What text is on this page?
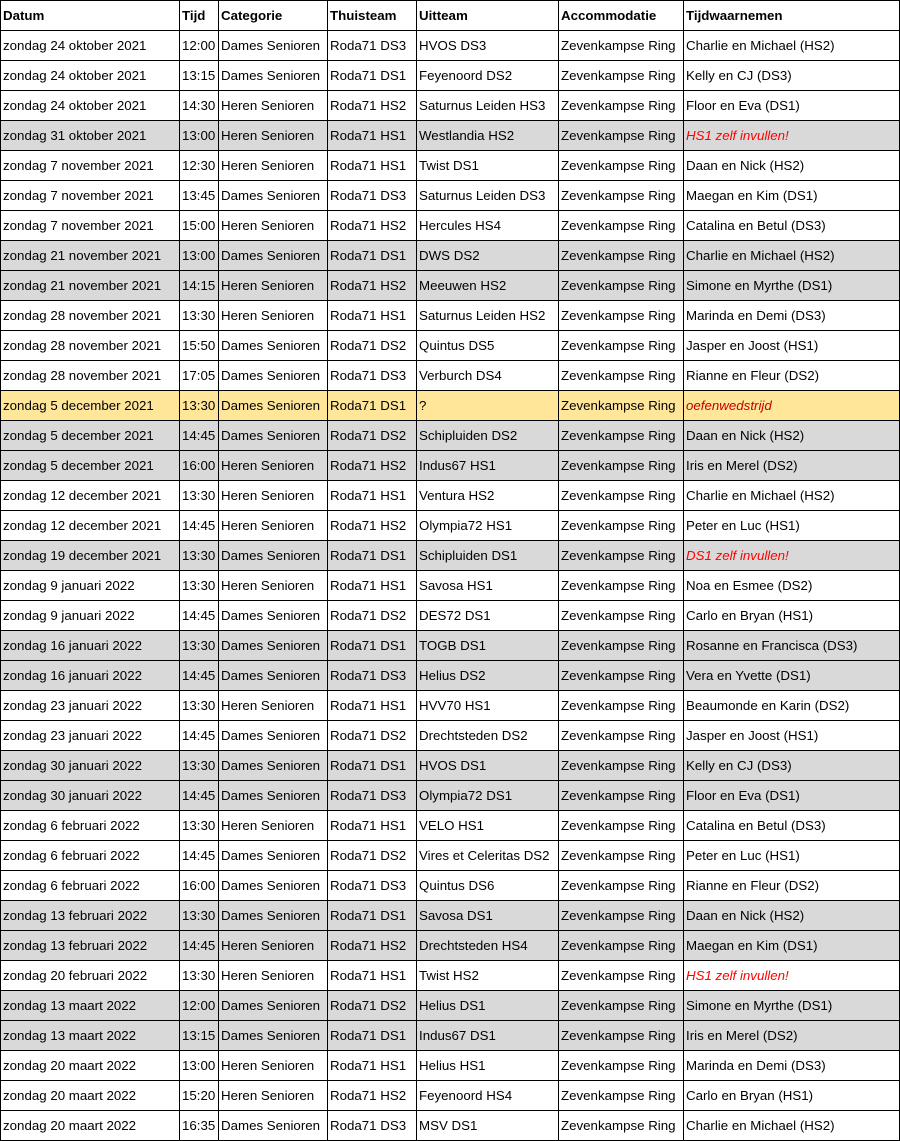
Datum	Tijd	Categorie	Thuisteam	Uitteam	Accommodatie	Tijdwaarnemen
zondag 24 oktober 2021	12:00	Dames Senioren	Roda71 DS3	HVOS DS3	Zevenkampse Ring	Charlie en Michael (HS2)
zondag 24 oktober 2021	13:15	Dames Senioren	Roda71 DS1	Feyenoord DS2	Zevenkampse Ring	Kelly en CJ (DS3)
zondag 24 oktober 2021	14:30	Heren Senioren	Roda71 HS2	Saturnus Leiden HS3	Zevenkampse Ring	Floor en Eva (DS1)
zondag 31 oktober 2021	13:00	Heren Senioren	Roda71 HS1	Westlandia HS2	Zevenkampse Ring	HS1 zelf invullen!
zondag 7 november 2021	12:30	Heren Senioren	Roda71 HS1	Twist DS1	Zevenkampse Ring	Daan en Nick (HS2)
zondag 7 november 2021	13:45	Dames Senioren	Roda71 DS3	Saturnus Leiden DS3	Zevenkampse Ring	Maegan en Kim (DS1)
zondag 7 november 2021	15:00	Heren Senioren	Roda71 HS2	Hercules HS4	Zevenkampse Ring	Catalina en Betul (DS3)
zondag 21 november 2021	13:00	Dames Senioren	Roda71 DS1	DWS DS2	Zevenkampse Ring	Charlie en Michael (HS2)
zondag 21 november 2021	14:15	Heren Senioren	Roda71 HS2	Meeuwen HS2	Zevenkampse Ring	Simone en Myrthe (DS1)
zondag 28 november 2021	13:30	Heren Senioren	Roda71 HS1	Saturnus Leiden HS2	Zevenkampse Ring	Marinda en Demi (DS3)
zondag 28 november 2021	15:50	Dames Senioren	Roda71 DS2	Quintus DS5	Zevenkampse Ring	Jasper en Joost (HS1)
zondag 28 november 2021	17:05	Dames Senioren	Roda71 DS3	Verburch DS4	Zevenkampse Ring	Rianne en Fleur (DS2)
zondag 5 december 2021	13:30	Dames Senioren	Roda71 DS1	?	Zevenkampse Ring	oefenwedstrijd
zondag 5 december 2021	14:45	Dames Senioren	Roda71 DS2	Schipluiden DS2	Zevenkampse Ring	Daan en Nick (HS2)
zondag 5 december 2021	16:00	Heren Senioren	Roda71 HS2	Indus67 HS1	Zevenkampse Ring	Iris en Merel (DS2)
zondag 12 december 2021	13:30	Heren Senioren	Roda71 HS1	Ventura HS2	Zevenkampse Ring	Charlie en Michael (HS2)
zondag 12 december 2021	14:45	Heren Senioren	Roda71 HS2	Olympia72 HS1	Zevenkampse Ring	Peter en Luc (HS1)
zondag 19 december 2021	13:30	Dames Senioren	Roda71 DS1	Schipluiden DS1	Zevenkampse Ring	DS1 zelf invullen!
zondag 9 januari 2022	13:30	Heren Senioren	Roda71 HS1	Savosa HS1	Zevenkampse Ring	Noa en Esmee (DS2)
zondag 9 januari 2022	14:45	Dames Senioren	Roda71 DS2	DES72 DS1	Zevenkampse Ring	Carlo en Bryan (HS1)
zondag 16 januari 2022	13:30	Dames Senioren	Roda71 DS1	TOGB DS1	Zevenkampse Ring	Rosanne en Francisca (DS3)
zondag 16 januari 2022	14:45	Dames Senioren	Roda71 DS3	Helius DS2	Zevenkampse Ring	Vera en Yvette (DS1)
zondag 23 januari 2022	13:30	Heren Senioren	Roda71 HS1	HVV70 HS1	Zevenkampse Ring	Beaumonde en Karin (DS2)
zondag 23 januari 2022	14:45	Dames Senioren	Roda71 DS2	Drechtsteden DS2	Zevenkampse Ring	Jasper en Joost (HS1)
zondag 30 januari 2022	13:30	Dames Senioren	Roda71 DS1	HVOS DS1	Zevenkampse Ring	Kelly en CJ (DS3)
zondag 30 januari 2022	14:45	Dames Senioren	Roda71 DS3	Olympia72 DS1	Zevenkampse Ring	Floor en Eva (DS1)
zondag 6 februari 2022	13:30	Heren Senioren	Roda71 HS1	VELO HS1	Zevenkampse Ring	Catalina en Betul (DS3)
zondag 6 februari 2022	14:45	Dames Senioren	Roda71 DS2	Vires et Celeritas DS2	Zevenkampse Ring	Peter en Luc (HS1)
zondag 6 februari 2022	16:00	Dames Senioren	Roda71 DS3	Quintus DS6	Zevenkampse Ring	Rianne en Fleur (DS2)
zondag 13 februari 2022	13:30	Dames Senioren	Roda71 DS1	Savosa DS1	Zevenkampse Ring	Daan en Nick (HS2)
zondag 13 februari 2022	14:45	Heren Senioren	Roda71 HS2	Drechtsteden HS4	Zevenkampse Ring	Maegan en Kim (DS1)
zondag 20 februari 2022	13:30	Heren Senioren	Roda71 HS1	Twist HS2	Zevenkampse Ring	HS1 zelf invullen!
zondag 13 maart 2022	12:00	Dames Senioren	Roda71 DS2	Helius DS1	Zevenkampse Ring	Simone en Myrthe (DS1)
zondag 13 maart 2022	13:15	Dames Senioren	Roda71 DS1	Indus67 DS1	Zevenkampse Ring	Iris en Merel (DS2)
zondag 20 maart 2022	13:00	Heren Senioren	Roda71 HS1	Helius HS1	Zevenkampse Ring	Marinda en Demi (DS3)
zondag 20 maart 2022	15:20	Heren Senioren	Roda71 HS2	Feyenoord HS4	Zevenkampse Ring	Carlo en Bryan (HS1)
zondag 20 maart 2022	16:35	Dames Senioren	Roda71 DS3	MSV DS1	Zevenkampse Ring	Charlie en Michael (HS2)
